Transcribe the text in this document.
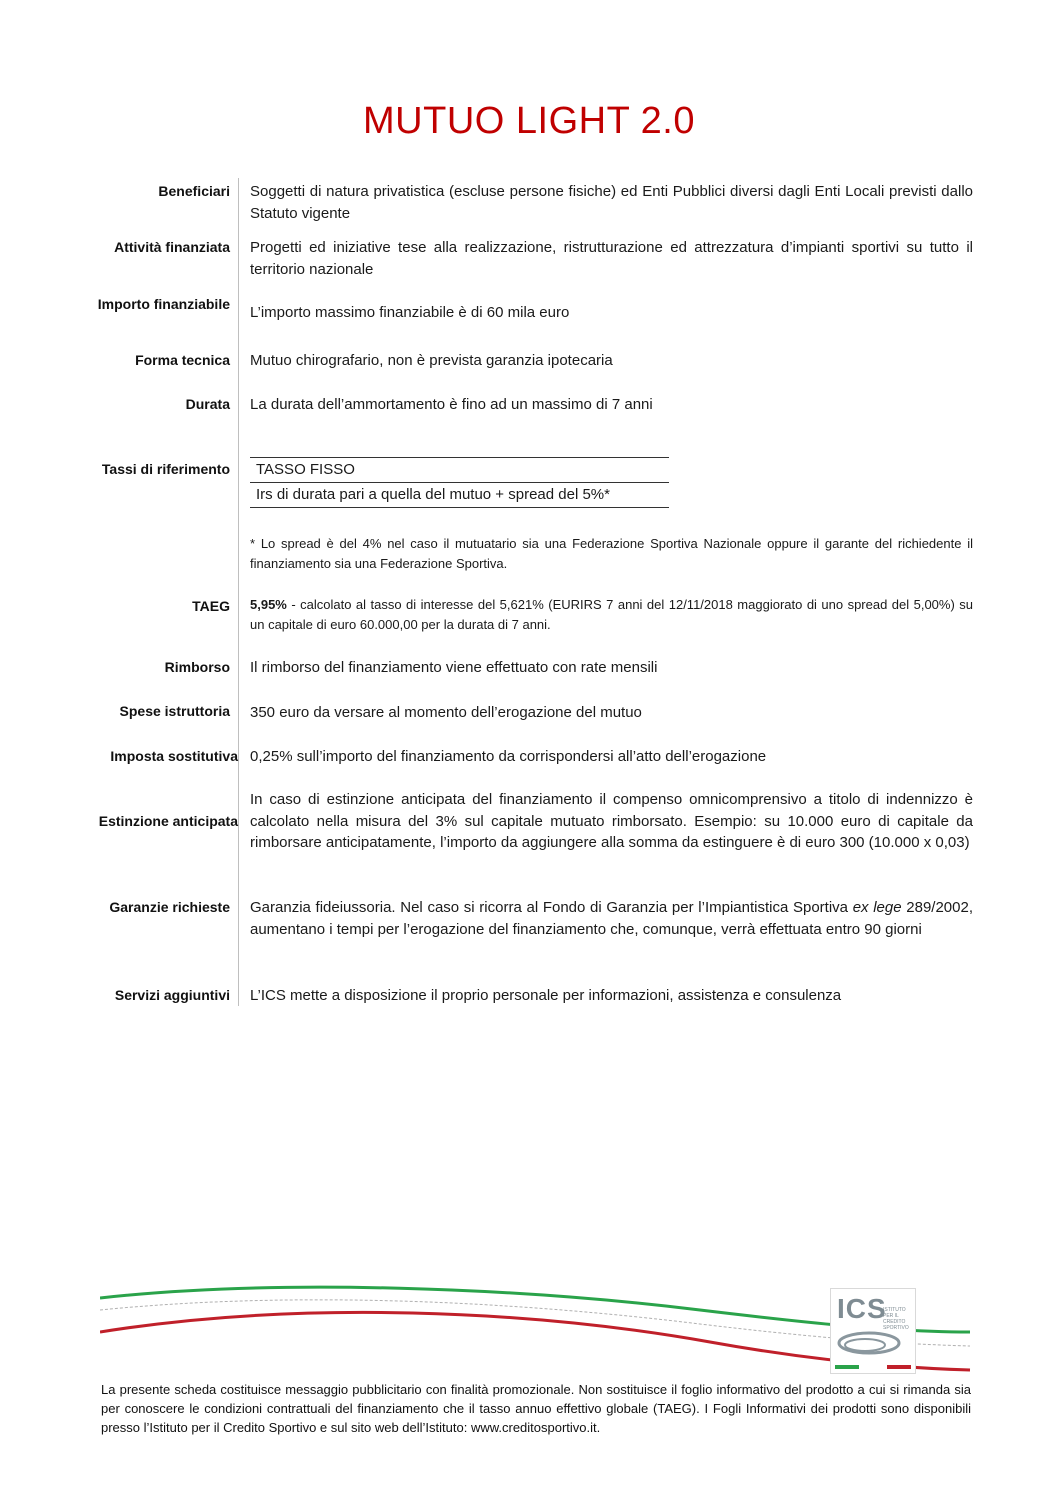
MUTUO LIGHT 2.0
Beneficiari Soggetti di natura privatistica (escluse persone fisiche) ed Enti Pubblici diversi dagli Enti Locali previsti dallo Statuto vigente
Attività finanziata Progetti ed iniziative tese alla realizzazione, ristrutturazione ed attrezzatura d’impianti sportivi su tutto il territorio nazionale
Importo finanziabile L’importo massimo finanziabile è di 60 mila euro
Forma tecnica Mutuo chirografario, non è prevista garanzia ipotecaria
Durata La durata dell’ammortamento è fino ad un massimo di 7 anni
Tassi di riferimento	TASSO FISSO
Irs di durata pari a quella del mutuo + spread del 5%*
* Lo spread è del 4% nel caso il mutuatario sia una Federazione Sportiva Nazionale oppure il garante del richiedente il finanziamento sia una Federazione Sportiva.
TAEG 5,95% - calcolato al tasso di interesse del 5,621% (EURIRS 7 anni del 12/11/2018 maggiorato di uno spread del 5,00%) su un capitale di euro 60.000,00 per la durata di 7 anni.
Rimborso Il rimborso del finanziamento viene effettuato con rate mensili
Spese istruttoria 350 euro da versare al momento dell’erogazione del mutuo
Imposta sostitutiva 0,25% sull’importo del finanziamento da corrispondersi all’atto dell’erogazione
Estinzione anticipata
In caso di estinzione anticipata del finanziamento il compenso omnicomprensivo a titolo di indennizzo è calcolato nella misura del 3% sul capitale mutuato rimborsato. Esempio: su 10.000 euro di capitale da rimborsare anticipatamente, l’importo da aggiungere alla somma da estinguere è di euro 300 (10.000 x 0,03)
Garanzie richieste Garanzia fideiussoria. Nel caso si ricorra al Fondo di Garanzia per l’Impiantistica Sportiva ex lege 289/2002, aumentano i tempi per l’erogazione del finanziamento che, comunque, verrà effettuata entro 90 giorni
Servizi aggiuntivi L’ICS mette a disposizione il proprio personale per informazioni, assistenza e consulenza
ICS
ISTITUTO PER IL CREDITO SPORTIVO
La presente scheda costituisce messaggio pubblicitario con finalità promozionale. Non sostituisce il foglio informativo del prodotto a cui si rimanda sia per conoscere le condizioni contrattuali del finanziamento che il tasso annuo effettivo globale (TAEG). I Fogli Informativi dei prodotti sono disponibili presso l’Istituto per il Credito Sportivo e sul sito web dell’Istituto: www.creditosportivo.it.
